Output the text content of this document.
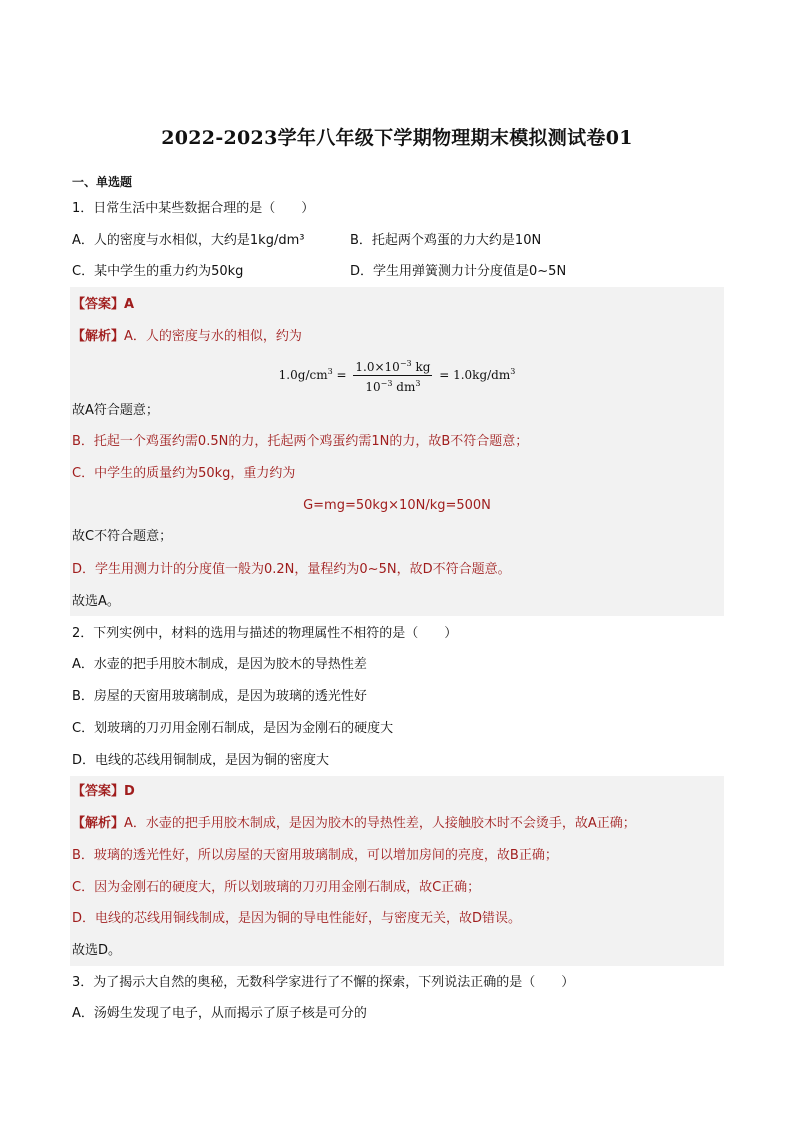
2022-2023学年八年级下学期物理期末模拟测试卷01
一、单选题
1．日常生活中某些数据合理的是（　　）
A．人的密度与水相似，大约是1kg/dm³	B．托起两个鸡蛋的力大约是10N
C．某中学生的重力约为50kg	D．学生用弹簧测力计分度值是0~5N
【答案】A
【解析】A．人的密度与水的相似，约为
$1.0g/cm^3 = \frac{1.0\times 10^{-3} kg}{10^{-3} dm^3} = 1.0kg/dm^3$
故A符合题意；
B．托起一个鸡蛋约需0.5N的力，托起两个鸡蛋约需1N的力，故B不符合题意；
C．中学生的质量约为50kg，重力约为
G=mg=50kg×10N/kg=500N
故C不符合题意；
D．学生用测力计的分度值一般为0.2N，量程约为0~5N，故D不符合题意。
故选A。
2．下列实例中，材料的选用与描述的物理属性不相符的是（　　）
A．水壶的把手用胶木制成，是因为胶木的导热性差
B．房屋的天窗用玻璃制成，是因为玻璃的透光性好
C．划玻璃的刀刃用金刚石制成，是因为金刚石的硬度大
D．电线的芯线用铜制成，是因为铜的密度大
【答案】D
【解析】A．水壶的把手用胶木制成，是因为胶木的导热性差，人接触胶木时不会烫手，故A正确；
B．玻璃的透光性好，所以房屋的天窗用玻璃制成，可以增加房间的亮度，故B正确；
C．因为金刚石的硬度大，所以划玻璃的刀刃用金刚石制成，故C正确；
D．电线的芯线用铜线制成，是因为铜的导电性能好，与密度无关，故D错误。
故选D。
3．为了揭示大自然的奥秘，无数科学家进行了不懈的探索，下列说法正确的是（　　）
A．汤姆生发现了电子，从而揭示了原子核是可分的
